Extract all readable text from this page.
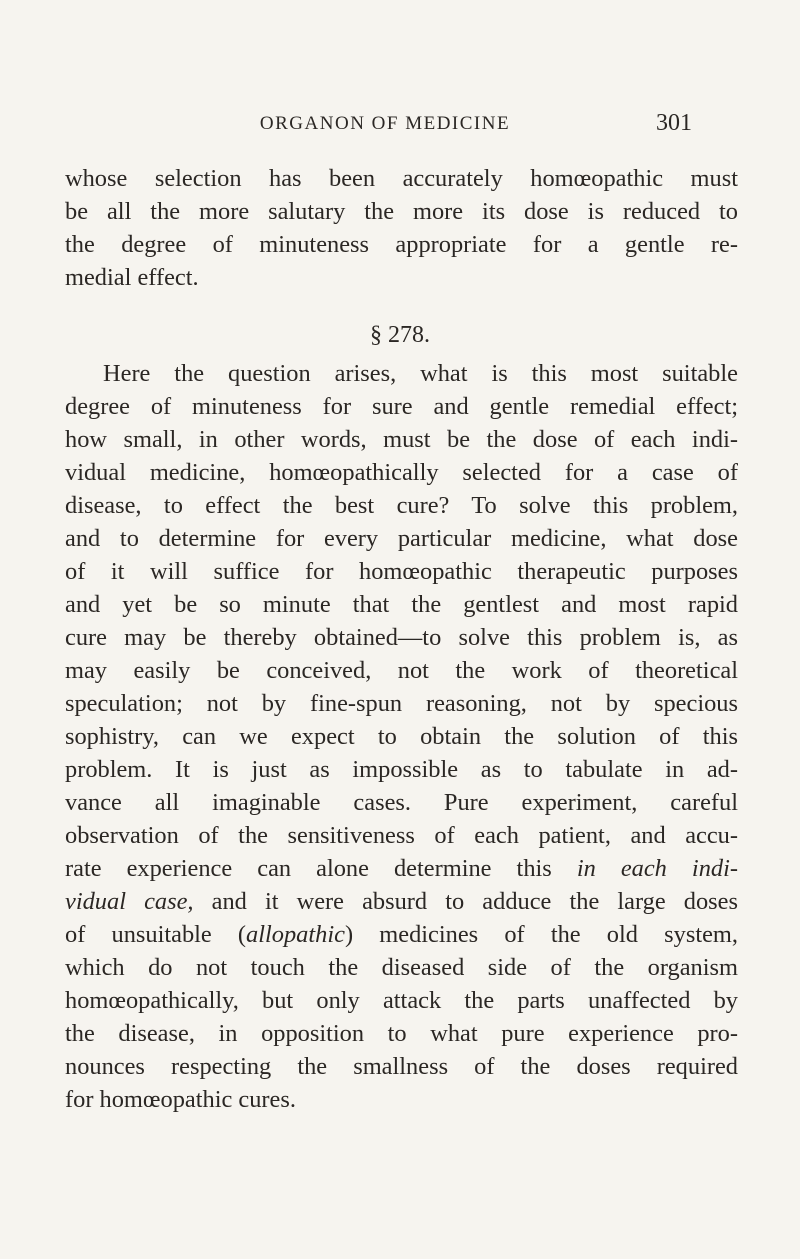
ORGANON OF MEDICINE	301
whose selection has been accurately homœopathic must
be all the more salutary the more its dose is reduced to
the degree of minuteness appropriate for a gentle re-
medial effect.
§ 278.
Here the question arises, what is this most suitable
degree of minuteness for sure and gentle remedial effect;
how small, in other words, must be the dose of each indi-
vidual medicine, homœopathically selected for a case of
disease, to effect the best cure? To solve this problem,
and to determine for every particular medicine, what dose
of it will suffice for homœopathic therapeutic purposes
and yet be so minute that the gentlest and most rapid
cure may be thereby obtained—to solve this problem is, as
may easily be conceived, not the work of theoretical
speculation; not by fine-spun reasoning, not by specious
sophistry, can we expect to obtain the solution of this
problem. It is just as impossible as to tabulate in ad-
vance all imaginable cases. Pure experiment, careful
observation of the sensitiveness of each patient, and accu-
rate experience can alone determine this in each indi-
vidual case, and it were absurd to adduce the large doses
of unsuitable (allopathic) medicines of the old system,
which do not touch the diseased side of the organism
homœopathically, but only attack the parts unaffected by
the disease, in opposition to what pure experience pro-
nounces respecting the smallness of the doses required
for homœopathic cures.
